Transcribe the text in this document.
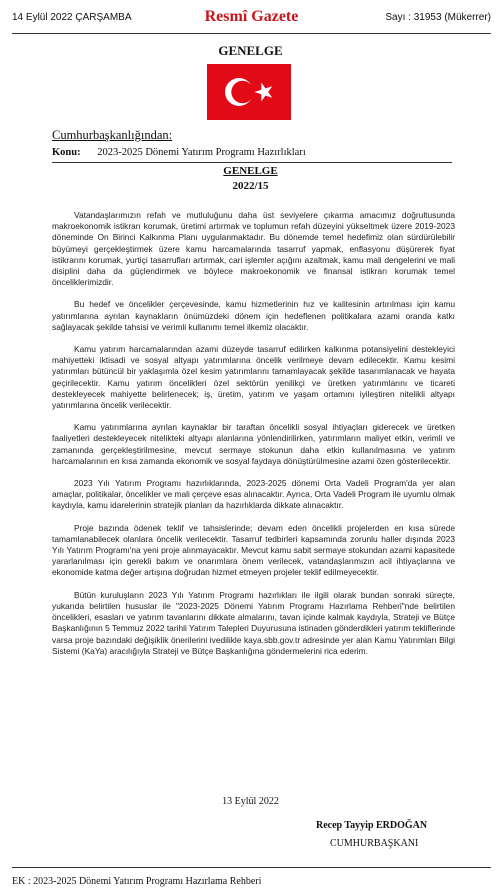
14 Eylül 2022 ÇARŞAMBA	Resmî Gazete	Sayı : 31953 (Mükerrer)
GENELGE
Cumhurbaşkanlığından:
Konu: 2023-2025 Dönemi Yatırım Programı Hazırlıkları
GENELGE
2022/15

Vatandaşlarımızın refah ve mutluluğunu daha üst seviyelere çıkarma amacımız doğrultusunda makroekonomik istikrarı korumak, üretimi artırmak ve toplumun refah düzeyini yükseltmek üzere 2019-2023 döneminde On Birinci Kalkınma Planı uygulanmaktadır. Bu dönemde temel hedefimiz olan sürdürülebilir büyümeyi gerçekleştirmek üzere kamu harcamalarında tasarruf yapmak, enflasyonu düşürerek fiyat istikrarını korumak, yurtiçi tasarrufları artırmak, cari işlemler açığını azaltmak, kamu mali dengelerini ve mali disiplini daha da güçlendirmek ve böylece makroekonomik ve finansal istikrarı korumak temel önceliklerimizdir.

Bu hedef ve öncelikler çerçevesinde, kamu hizmetlerinin hız ve kalitesinin artırılması için kamu yatırımlarına ayrılan kaynakların önümüzdeki dönem için hedeflenen politikalara azami oranda katkı sağlayacak şekilde tahsisi ve verimli kullanımı temel ilkemiz olacaktır.

Kamu yatırım harcamalarından azami düzeyde tasarruf edilirken kalkınma potansiyelini destekleyici mahiyetteki iktisadi ve sosyal altyapı yatırımlarına öncelik verilmeye devam edilecektir. Kamu kesimi yatırımları bütüncül bir yaklaşımla özel kesim yatırımlarını tamamlayacak şekilde tasarımlanacak ve hayata geçirilecektir. Kamu yatırım öncelikleri özel sektörün yenilikçi ve üretken yatırımlarını ve ticareti destekleyecek mahiyette belirlenecek; iş, üretim, yatırım ve yaşam ortamını iyileştiren nitelikli altyapı yatırımlarına öncelik verilecektir.

Kamu yatırımlarına ayrılan kaynaklar bir taraftan öncelikli sosyal ihtiyaçları giderecek ve üretken faaliyetleri destekleyecek nitelikteki altyapı alanlarına yönlendirilirken, yatırımların maliyet etkin, verimli ve zamanında gerçekleştirilmesine, mevcut sermaye stokunun daha etkin kullanılmasına ve yatırım harcamalarının en kısa zamanda ekonomik ve sosyal faydaya dönüştürülmesine azami özen gösterilecektir.

2023 Yılı Yatırım Programı hazırlıklarında, 2023-2025 dönemi Orta Vadeli Program'da yer alan amaçlar, politikalar, öncelikler ve mali çerçeve esas alınacaktır. Ayrıca, Orta Vadeli Program ile uyumlu olmak kaydıyla, kamu idarelerinin stratejik planları da hazırlıklarda dikkate alınacaktır.

Proje bazında ödenek teklif ve tahsislerinde; devam eden öncelikli projelerden en kısa sürede tamamlanabilecek olanlara öncelik verilecektir. Tasarruf tedbirleri kapsamında zorunlu haller dışında 2023 Yılı Yatırım Programı'na yeni proje alınmayacaktır. Mevcut kamu sabit sermaye stokundan azami kapasitede yararlanılması için gerekli bakım ve onarımlara önem verilecek, vatandaşlarımızın acil ihtiyaçlarına ve ekonomide katma değer artışına doğrudan hizmet etmeyen projeler teklif edilmeyecektir.

Bütün kuruluşların 2023 Yılı Yatırım Programı hazırlıkları ile ilgili olarak bundan sonraki süreçte, yukarıda belirtilen hususlar ile "2023-2025 Dönemi Yatırım Programı Hazırlama Rehberi"nde belirtilen öncelikleri, esasları ve yatırım tavanlarını dikkate almalarını, tavan içinde kalmak kaydıyla, Strateji ve Bütçe Başkanlığının 5 Temmuz 2022 tarihli Yatırım Talepleri Duyurusuna istinaden gönderdikleri yatırım tekliflerinde varsa proje bazındaki değişiklik önerilerini ivedilikle kaya.sbb.gov.tr adresinde yer alan Kamu Yatırımları Bilgi Sistemi (KaYa) aracılığıyla Strateji ve Bütçe Başkanlığına göndermelerini rica ederim.

13 Eylül 2022
Recep Tayyip ERDOĞAN
CUMHURBAŞKANI
EK : 2023-2025 Dönemi Yatırım Programı Hazırlama Rehberi
